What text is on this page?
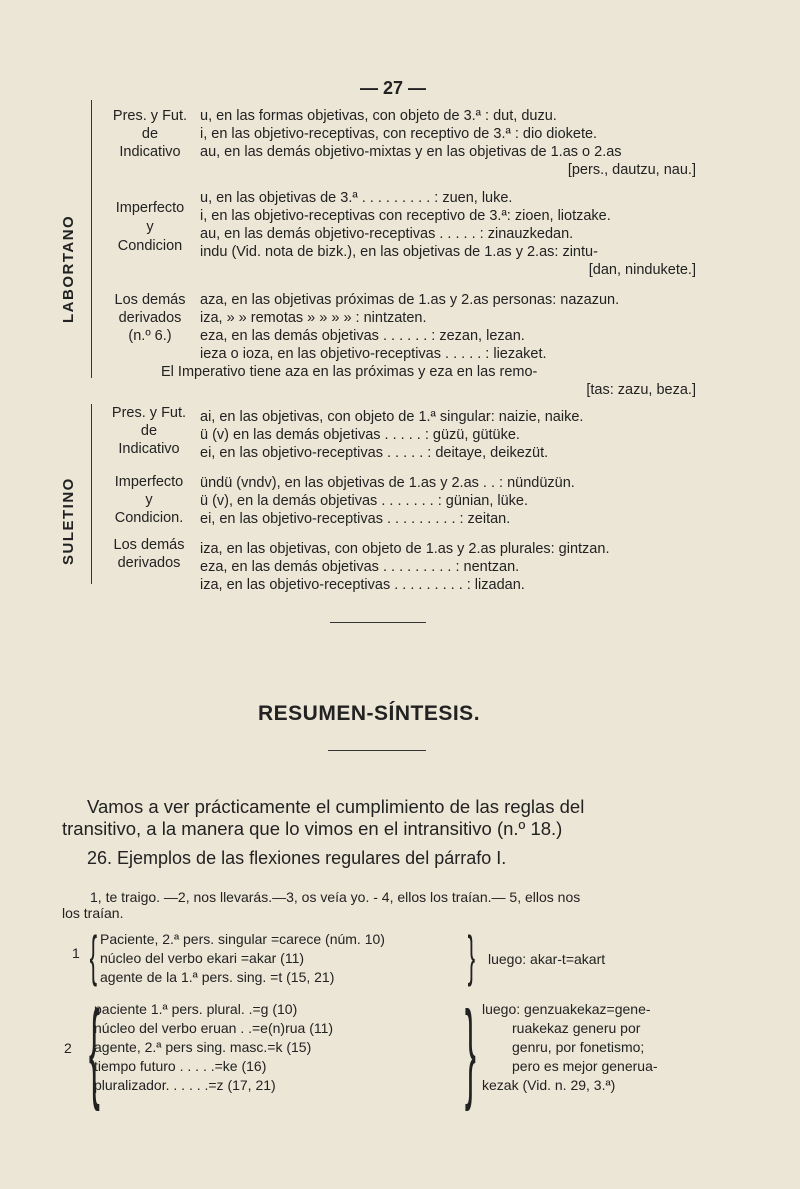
— 27 —
LABORTANO
SULETINO
Pres. y Fut.
de
Indicativo
u, en las formas objetivas, con objeto de 3.ª : dut, duzu.
i, en las objetivo-receptivas, con receptivo de 3.ª : dio diokete.
au, en las demás objetivo-mixtas y en las objetivas de 1.as o 2.as
[pers., dautzu, nau.]
Imperfecto
y
Condicion
u, en las objetivas de 3.ª . . . . . . . . . : zuen, luke.
i, en las objetivo-receptivas con receptivo de 3.ª: zioen, liotzake.
au, en las demás objetivo-receptivas . . . . . : zinauzkedan.
indu (Vid. nota de bizk.), en las objetivas de 1.as y 2.as: zintu-
[dan, nindukete.]
Los demás
derivados
(n.º 6.)
aza, en las objetivas próximas de 1.as y 2.as personas: nazazun.
iza, » » remotas » » » » : nintzaten.
eza, en las demás objetivas . . . . . . : zezan, lezan.
ieza o ioza, en las objetivo-receptivas . . . . . : liezaket.
El Imperativo tiene aza en las próximas y eza en las remo-
[tas: zazu, beza.]
Pres. y Fut.
de
Indicativo
ai, en las objetivas, con objeto de 1.ª singular: naizie, naike.
ü (v) en las demás objetivas . . . . . : güzü, gütüke.
ei, en las objetivo-receptivas . . . . . : deitaye, deikezüt.
Imperfecto
y
Condicion.
ündü (vndv), en las objetivas de 1.as y 2.as . . : nündüzün.
ü (v), en la demás objetivas . . . . . . . : günian, lüke.
ei, en las objetivo-receptivas . . . . . . . . . : zeitan.
Los demás
derivados
iza, en las objetivas, con objeto de 1.as y 2.as plurales: gintzan.
eza, en las demás objetivas . . . . . . . . . : nentzan.
iza, en las objetivo-receptivas . . . . . . . . . : lizadan.
RESUMEN-SÍNTESIS.
Vamos a ver prácticamente el cumplimiento de las reglas del
transitivo, a la manera que lo vimos en el intransitivo (n.º 18.)
26. Ejemplos de las flexiones regulares del párrafo I.
1, te traigo. —2, nos llevarás.—3, os veía yo. - 4, ellos los traían.— 5, ellos nos
los traían.
1 { Paciente, 2.ª pers. singular =carece (núm. 10)
núcleo del verbo ekari =akar (11)
agente de la 1.ª pers. sing. =t (15, 21) } luego: akar-t=akart
2 {
paciente 1.ª pers. plural. .=g (10)
núcleo del verbo eruan . .=e(n)rua (11)
agente, 2.ª pers sing. masc.=k (15)
tiempo futuro . . . . .=ke (16)
pluralizador. . . . . .=z (17, 21) } luego: genzuakekaz=gene-
ruakekaz generu por
genru, por fonetismo;
pero es mejor generua-
kezak (Vid. n. 29, 3.ª)
